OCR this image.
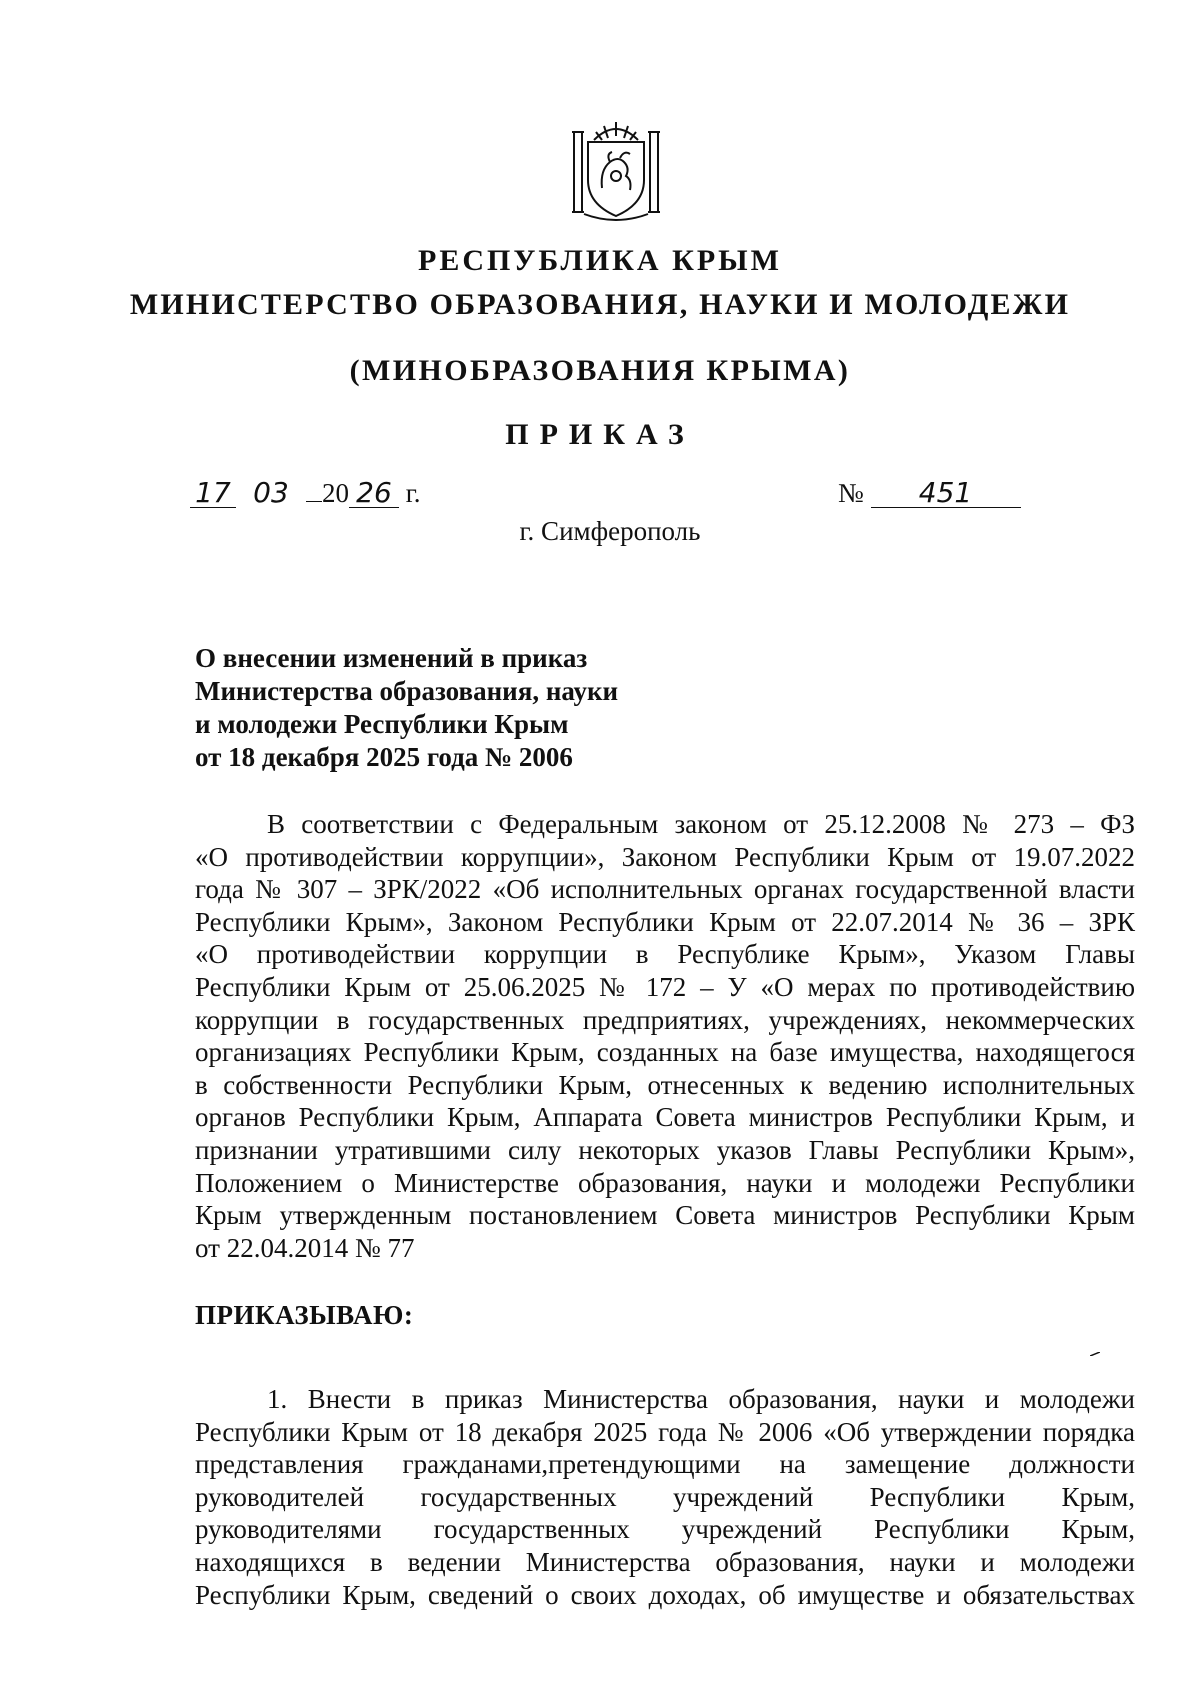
РЕСПУБЛИКА КРЫМ
МИНИСТЕРСТВО ОБРАЗОВАНИЯ, НАУКИ И МОЛОДЕЖИ
(МИНОБРАЗОВАНИЯ КРЫМА)
ПРИКАЗ
17 03 20 26 г.	№ 451
г. Симферополь
О внесении изменений в приказ
Министерства образования, науки
и молодежи Республики Крым
от 18 декабря 2025 года № 2006
В соответствии с Федеральным законом от 25.12.2008 № 273 – ФЗ
«О противодействии коррупции», Законом Республики Крым от 19.07.2022
года № 307 – ЗРК/2022 «Об исполнительных органах государственной власти
Республики Крым», Законом Республики Крым от 22.07.2014 № 36 – ЗРК
«О противодействии коррупции в Республике Крым», Указом Главы
Республики Крым от 25.06.2025 № 172 – У «О мерах по противодействию
коррупции в государственных предприятиях, учреждениях, некоммерческих
организациях Республики Крым, созданных на базе имущества, находящегося
в собственности Республики Крым, отнесенных к ведению исполнительных
органов Республики Крым, Аппарата Совета министров Республики Крым, и
признании утратившими силу некоторых указов Главы Республики Крым»,
Положением о Министерстве образования, науки и молодежи Республики
Крым утвержденным постановлением Совета министров Республики Крым
от 22.04.2014 № 77
ПРИКАЗЫВАЮ:
1. Внести в приказ Министерства образования, науки и молодежи
Республики Крым от 18 декабря 2025 года № 2006 «Об утверждении порядка
представления гражданами,претендующими на замещение должности
руководителей государственных учреждений Республики Крым,
руководителями государственных учреждений Республики Крым,
находящихся в ведении Министерства образования, науки и молодежи
Республики Крым, сведений о своих доходах, об имуществе и обязательствах
